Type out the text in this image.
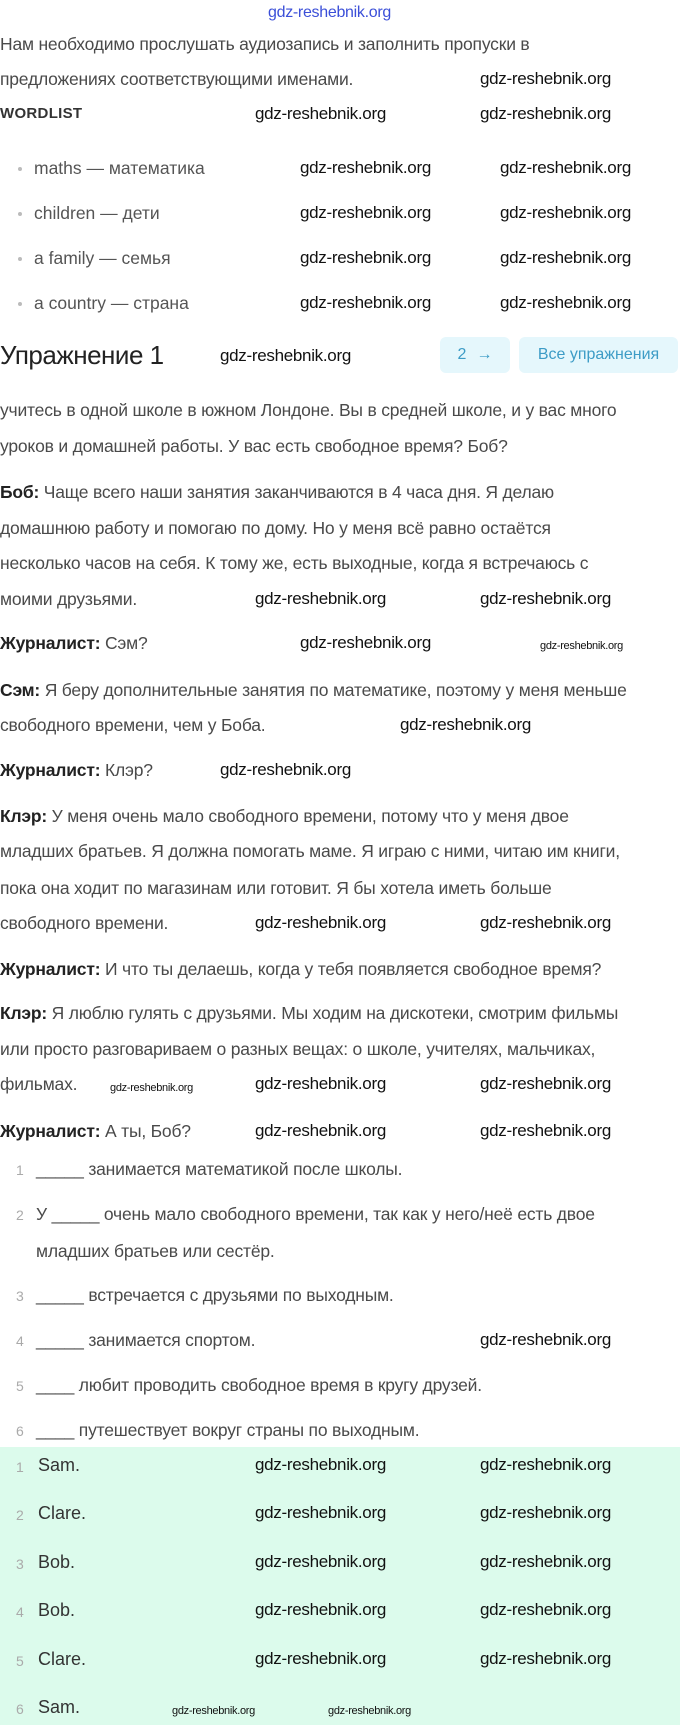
gdz-reshebnik.org
Нам необходимо прослушать аудиозапись и заполнить пропуски в
предложениях соответствующими именами.
WORDLIST
maths — математика
children — дети
a family — семья
a country — страна
Упражнение 1	2 →	Все упражнения
учитесь в одной школе в южном Лондоне. Вы в средней школе, и у вас много
уроков и домашней работы. У вас есть свободное время? Боб?
Боб: Чаще всего наши занятия заканчиваются в 4 часа дня. Я делаю
домашнюю работу и помогаю по дому. Но у меня всё равно остаётся
несколько часов на себя. К тому же, есть выходные, когда я встречаюсь с
моими друзьями.
Журналист: Сэм?
Сэм: Я беру дополнительные занятия по математике, поэтому у меня меньше
свободного времени, чем у Боба.
Журналист: Клэр?
Клэр: У меня очень мало свободного времени, потому что у меня двое
младших братьев. Я должна помогать маме. Я играю с ними, читаю им книги,
пока она ходит по магазинам или готовит. Я бы хотела иметь больше
свободного времени.
Журналист: И что ты делаешь, когда у тебя появляется свободное время?
Клэр: Я люблю гулять с друзьями. Мы ходим на дискотеки, смотрим фильмы
или просто разговариваем о разных вещах: о школе, учителях, мальчиках,
фильмах.
Журналист: А ты, Боб?
1 _____ занимается математикой после школы.
2 У _____ очень мало свободного времени, так как у него/неё есть двое
младших братьев или сестёр.
3 _____ встречается с друзьями по выходным.
4 _____ занимается спортом.
5 ____ любит проводить свободное время в кругу друзей.
6 ____ путешествует вокруг страны по выходным.
1 Sam.
2 Clare.
3 Bob.
4 Bob.
5 Clare.
6 Sam.
gdz-reshebnik.org
gdz-reshebnik.org	gdz-reshebnik.org
gdz-reshebnik.org	gdz-reshebnik.org
gdz-reshebnik.org	gdz-reshebnik.org
gdz-reshebnik.org	gdz-reshebnik.org
gdz-reshebnik.org	gdz-reshebnik.org
gdz-reshebnik.org
gdz-reshebnik.org	gdz-reshebnik.org
gdz-reshebnik.org
gdz-reshebnik.org
gdz-reshebnik.org
gdz-reshebnik.org	gdz-reshebnik.org
gdz-reshebnik.org	gdz-reshebnik.org
gdz-reshebnik.org	gdz-reshebnik.org
gdz-reshebnik.org
gdz-reshebnik.org	gdz-reshebnik.org
gdz-reshebnik.org	gdz-reshebnik.org
gdz-reshebnik.org	gdz-reshebnik.org
gdz-reshebnik.org	gdz-reshebnik.org
gdz-reshebnik.org	gdz-reshebnik.org
gdz-reshebnik.org
gdz-reshebnik.org
gdz-reshebnik.org	gdz-reshebnik.org
